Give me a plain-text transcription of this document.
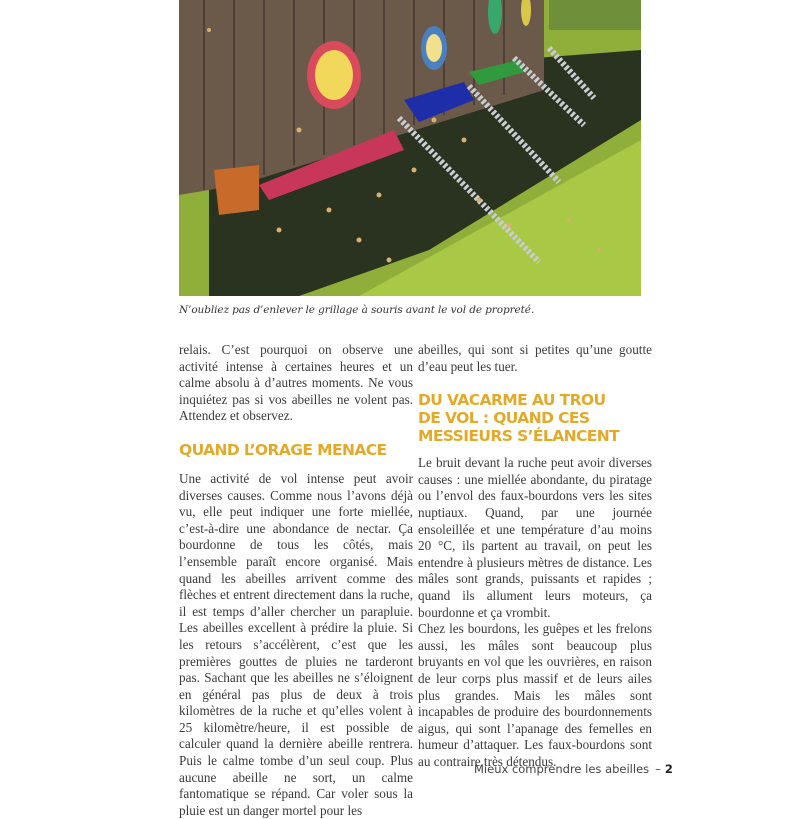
N’oubliez pas d’enlever le grillage à souris avant le vol de propreté.

relais. C’est pourquoi on observe une activité intense à certaines heures et un calme absolu à d’autres moments. Ne vous inquiétez pas si vos abeilles ne volent pas. Attendez et observez.

QUAND L’ORAGE MENACE

Une activité de vol intense peut avoir diverses causes. Comme nous l’avons déjà vu, elle peut indiquer une forte miellée, c’est-à-dire une abondance de nectar. Ça bourdonne de tous les côtés, mais l’ensemble paraît encore organisé. Mais quand les abeilles arrivent comme des flèches et entrent directement dans la ruche, il est temps d’aller chercher un parapluie. Les abeilles excellent à prédire la pluie. Si les retours s’accélèrent, c’est que les premières gouttes de pluies ne tarderont pas. Sachant que les abeilles ne s’éloignent en général pas plus de deux à trois kilomètres de la ruche et qu’elles volent à 25 kilomètre/heure, il est possible de calculer quand la dernière abeille rentrera. Puis le calme tombe d’un seul coup. Plus aucune abeille ne sort, un calme fantomatique se répand. Car voler sous la pluie est un danger mortel pour les

abeilles, qui sont si petites qu’une goutte d’eau peut les tuer.

DU VACARME AU TROU
DE VOL : QUAND CES
MESSIEURS S’ÉLANCENT

Le bruit devant la ruche peut avoir diverses causes : une miellée abondante, du piratage ou l’envol des faux-bourdons vers les sites nuptiaux. Quand, par une journée ensoleillée et une température d’au moins 20 °C, ils partent au travail, on peut les entendre à plusieurs mètres de distance. Les mâles sont grands, puissants et rapides ; quand ils allument leurs moteurs, ça bourdonne et ça vrombit.

Chez les bourdons, les guêpes et les frelons aussi, les mâles sont beaucoup plus bruyants en vol que les ouvrières, en raison de leur corps plus massif et de leurs ailes plus grandes. Mais les mâles sont incapables de produire des bourdonnements aigus, qui sont l’apanage des femelles en humeur d’attaquer. Les faux-bourdons sont au contraire très détendus.

Mieux comprendre les abeilles – 2
